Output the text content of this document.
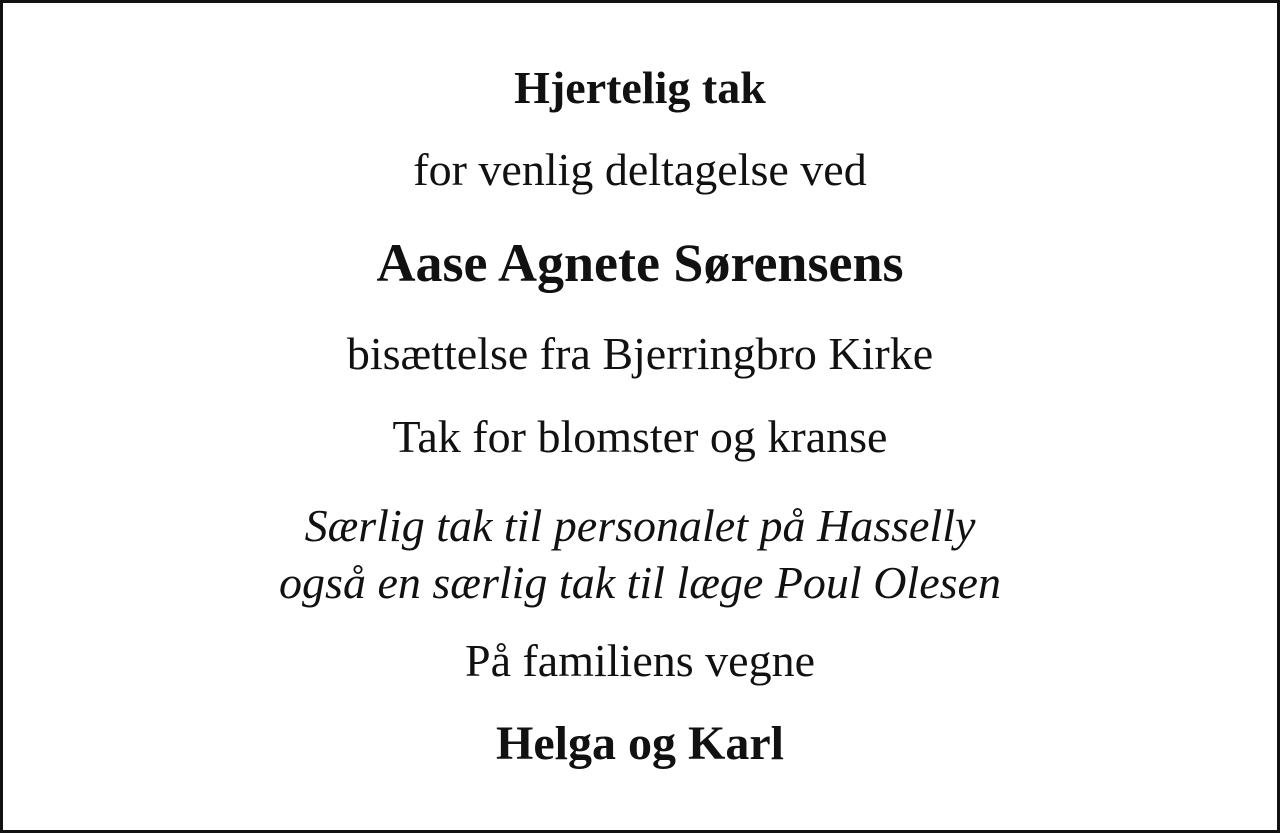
Hjertelig tak
for venlig deltagelse ved
Aase Agnete Sørensens
bisættelse fra Bjerringbro Kirke
Tak for blomster og kranse
Særlig tak til personalet på Hasselly
også en særlig tak til læge Poul Olesen
På familiens vegne
Helga og Karl
